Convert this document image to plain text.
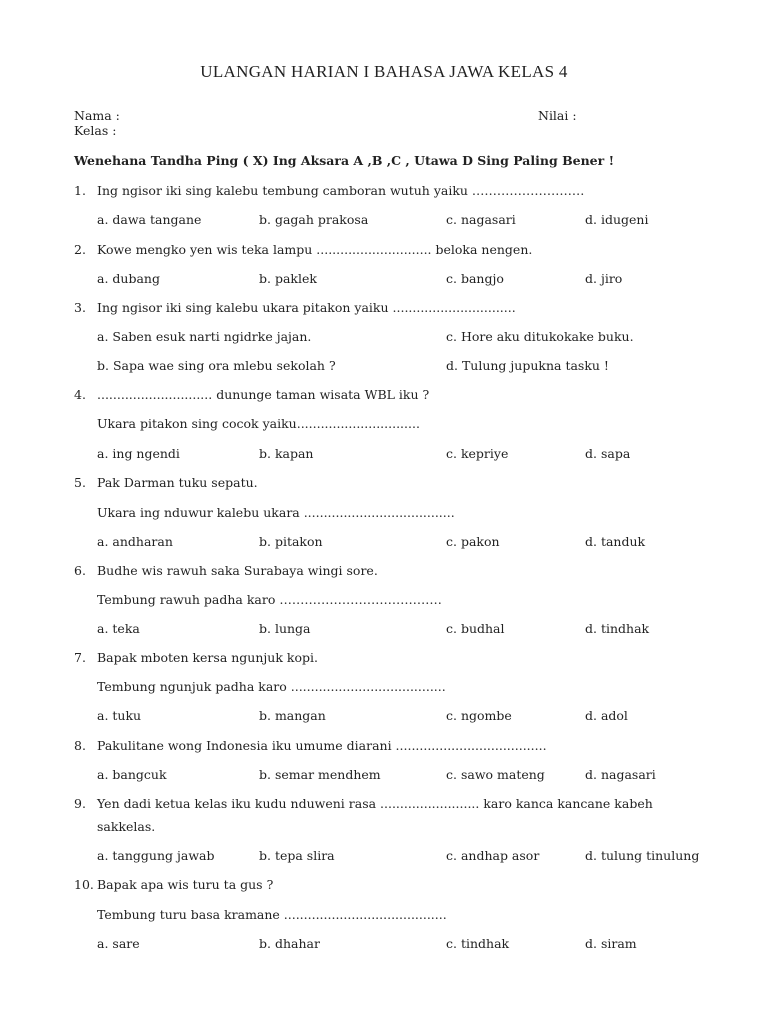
ULANGAN HARIAN I BAHASA JAWA KELAS 4
Nama :
Kelas :
Nilai :
Wenehana Tandha Ping ( X) Ing Aksara A ,B ,C , Utawa D Sing Paling Bener !
1. Ing ngisor iki sing kalebu tembung camboran wutuh yaiku ………………………
a. dawa tangane	b. gagah prakosa	c. nagasari	d. idugeni
2. Kowe mengko yen wis teka lampu ............................. beloka nengen.
a. dubang	b. paklek	c. bangjo	d. jiro
3. Ing ngisor iki sing kalebu ukara pitakon yaiku ...............................
a. Saben esuk narti ngidrke jajan.	c. Hore aku ditukokake buku.
b. Sapa wae sing ora mlebu sekolah ?	d. Tulung jupukna tasku !
4. ............................. dununge taman wisata WBL iku ?
Ukara pitakon sing cocok yaiku...............................
a. ing ngendi	b. kapan	c. kepriye	d. sapa
5. Pak Darman tuku sepatu.
Ukara ing nduwur kalebu ukara ......................................
a. andharan	b. pitakon	c. pakon	d. tanduk
6. Budhe wis rawuh saka Surabaya wingi sore.
Tembung rawuh padha karo …………………………………
a. teka	b. lunga	c. budhal	d. tindhak
7. Bapak mboten kersa ngunjuk kopi.
Tembung ngunjuk padha karo .......................................
a. tuku	b. mangan	c. ngombe	d. adol
8. Pakulitane wong Indonesia iku umume diarani ......................................
a. bangcuk	b. semar mendhem	c. sawo mateng	d. nagasari
9. Yen dadi ketua kelas iku kudu nduweni rasa ......................... karo kanca kancane kabeh
sakkelas.
a. tanggung jawab	b. tepa slira	c. andhap asor	d. tulung tinulung
10. Bapak apa wis turu ta gus ?
Tembung turu basa kramane .........................................
a. sare	b. dhahar	c. tindhak	d. siram
